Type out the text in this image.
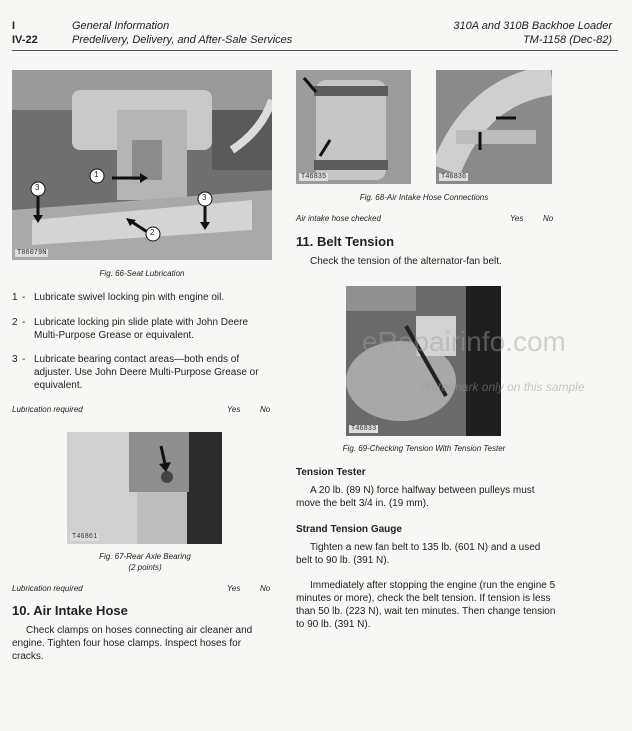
I
IV-22
General Information
Predelivery, Delivery, and After-Sale Services
310A and 310B Backhoe Loader
TM-1158 (Dec-82)
1
2
3
3
T86079N
Fig. 66-Seat Lubrication
1 - Lubricate swivel locking pin with engine oil.
2 - Lubricate locking pin slide plate with John Deere Multi-Purpose Grease or equivalent.
3 - Lubricate bearing contact areas—both ends of adjuster. Use John Deere Multi-Purpose Grease or equivalent.
Lubrication required	Yes No
T46861
Fig. 67-Rear Axle Bearing
(2 points)
Lubrication required	Yes No
10. Air Intake Hose
Check clamps on hoses connecting air cleaner and engine. Tighten four hose clamps. Inspect hoses for cracks.
T46835	T46836
Fig. 68-Air Intake Hose Connections
Air intake hose checked	Yes No
11. Belt Tension
Check the tension of the alternator-fan belt.
T46833
Fig. 69-Checking Tension With Tension Tester
Tension Tester
A 20 lb. (89 N) force halfway between pulleys must move the belt 3/4 in. (19 mm).
Strand Tension Gauge
Tighten a new fan belt to 135 lb. (601 N) and a used belt to 90 lb. (391 N).
Immediately after stopping the engine (run the engine 5 minutes or more), check the belt tension. If tension is less than 50 lb. (223 N), wait ten minutes. Then change tension to 90 lb. (391 N).
eRepairinfo.com
Watermark only on this sample
